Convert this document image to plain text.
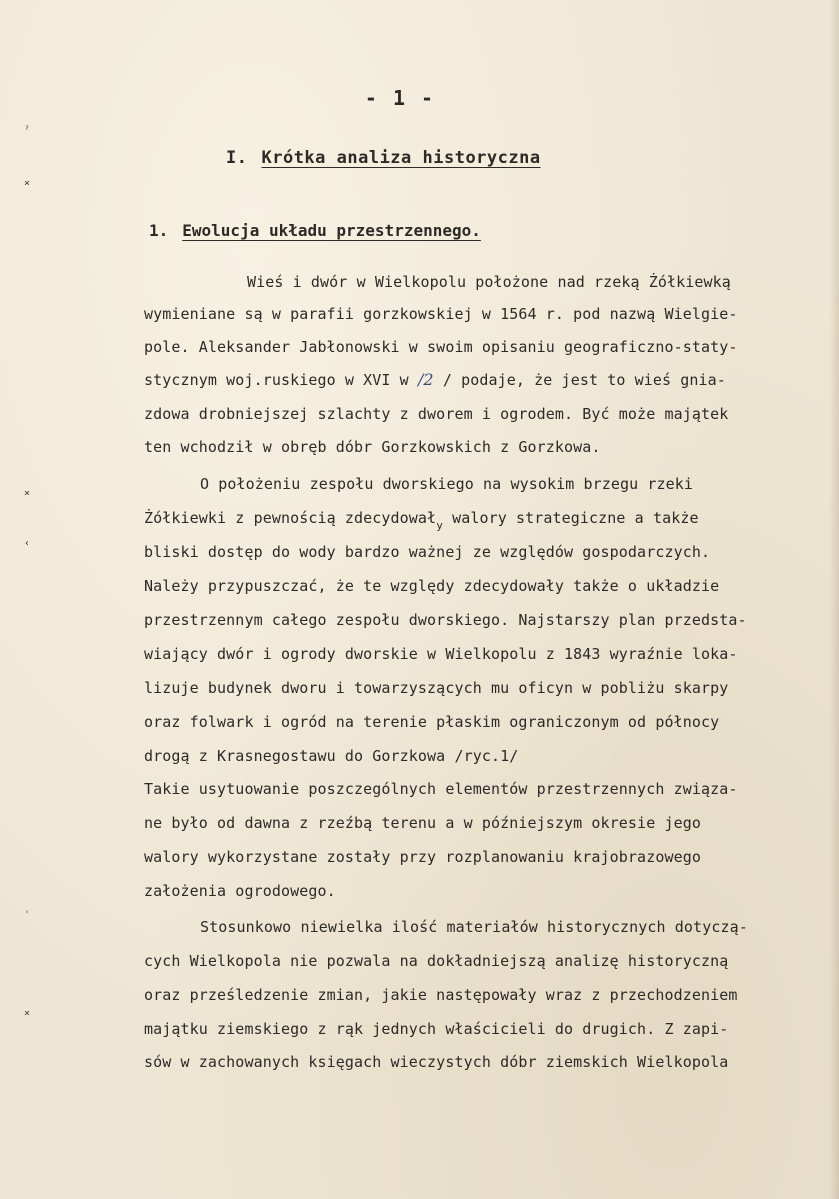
ˀ
×
×
‹
ˈ
×
- 1 -
I. Krótka analiza historyczna
1. Ewolucja układu przestrzennego.
Wieś i dwór w Wielkopolu położone nad rzeką Żółkiewką
wymieniane są w parafii gorzkowskiej w 1564 r. pod nazwą Wielgie-
pole. Aleksander Jabłonowski w swoim opisaniu geograficzno-staty-
stycznym woj.ruskiego w XVI w /2 / podaje, że jest to wieś gnia-
zdowa drobniejszej szlachty z dworem i ogrodem. Być może majątek
ten wchodził w obręb dóbr Gorzkowskich z Gorzkowa.
O położeniu zespołu dworskiego na wysokim brzegu rzeki
Żółkiewki z pewnością zdecydował$_y$ walory strategiczne a także
bliski dostęp do wody bardzo ważnej ze względów gospodarczych.
Należy przypuszczać, że te względy zdecydowały także o układzie
przestrzennym całego zespołu dworskiego. Najstarszy plan przedsta-
wiający dwór i ogrody dworskie w Wielkopolu z 1843 wyraźnie loka-
lizuje budynek dworu i towarzyszących mu oficyn w pobliżu skarpy
oraz folwark i ogród na terenie płaskim ograniczonym od północy
drogą z Krasnegostawu do Gorzkowa /ryc.1/
Takie usytuowanie poszczególnych elementów przestrzennych związa-
ne było od dawna z rzeźbą terenu a w późniejszym okresie jego
walory wykorzystane zostały przy rozplanowaniu krajobrazowego
założenia ogrodowego.
Stosunkowo niewielka ilość materiałów historycznych dotyczą-
cych Wielkopola nie pozwala na dokładniejszą analizę historyczną
oraz prześledzenie zmian, jakie następowały wraz z przechodzeniem
majątku ziemskiego z rąk jednych właścicieli do drugich. Z zapi-
sów w zachowanych księgach wieczystych dóbr ziemskich Wielkopola
